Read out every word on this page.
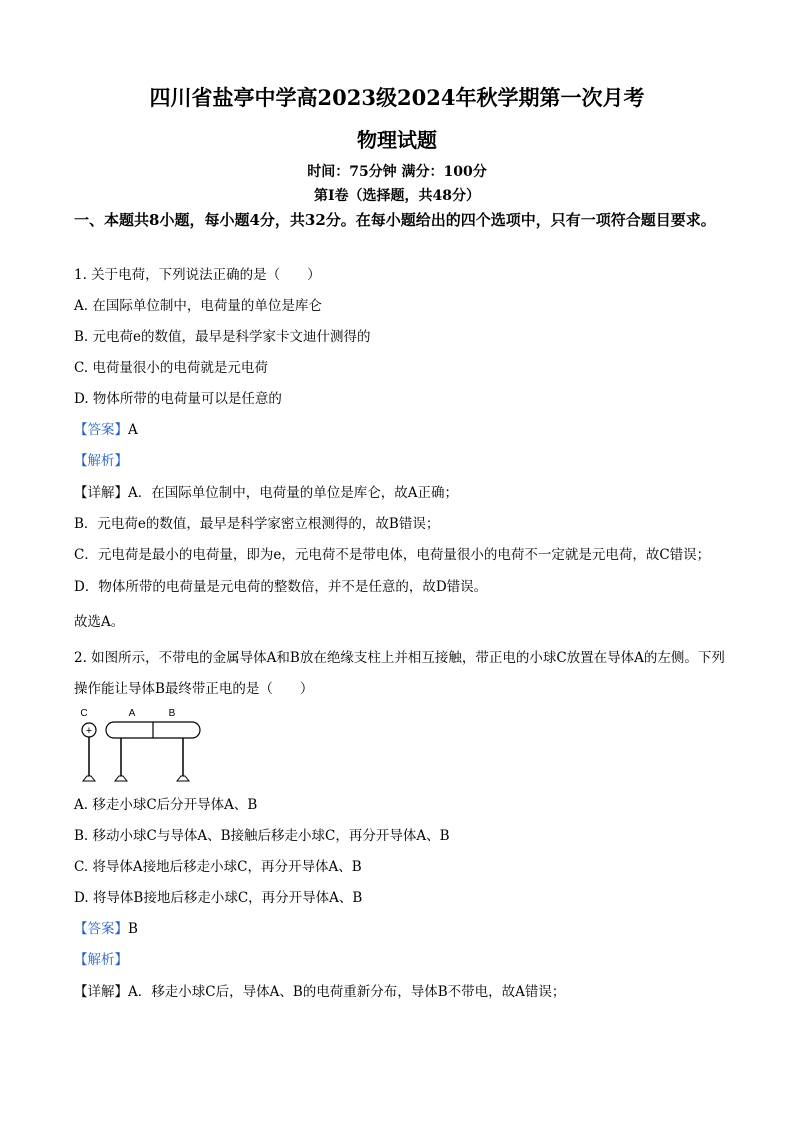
四川省盐亭中学高2023级2024年秋学期第一次月考
物理试题
时间：75分钟 满分：100分
第I卷（选择题，共48分）
一、本题共8小题，每小题4分，共32分。在每小题给出的四个选项中，只有一项符合题目要求。
1. 关于电荷，下列说法正确的是（　　）
A. 在国际单位制中，电荷量的单位是库仑
B. 元电荷e的数值，最早是科学家卡文迪什测得的
C. 电荷量很小的电荷就是元电荷
D. 物体所带的电荷量可以是任意的
【答案】A
【解析】
【详解】A．在国际单位制中，电荷量的单位是库仑，故A正确；
B．元电荷e的数值，最早是科学家密立根测得的，故B错误；
C．元电荷是最小的电荷量，即为e，元电荷不是带电体，电荷量很小的电荷不一定就是元电荷，故C错误；
D．物体所带的电荷量是元电荷的整数倍，并不是任意的，故D错误。
故选A。
2. 如图所示，不带电的金属导体A和B放在绝缘支柱上并相互接触，带正电的小球C放置在导体A的左侧。下列操作能让导体B最终带正电的是（　　）
C	A	B
+
A. 移走小球C后分开导体A、B
B. 移动小球C与导体A、B接触后移走小球C，再分开导体A、B
C. 将导体A接地后移走小球C，再分开导体A、B
D. 将导体B接地后移走小球C，再分开导体A、B
【答案】B
【解析】
【详解】A．移走小球C后，导体A、B的电荷重新分布，导体B不带电，故A错误；
